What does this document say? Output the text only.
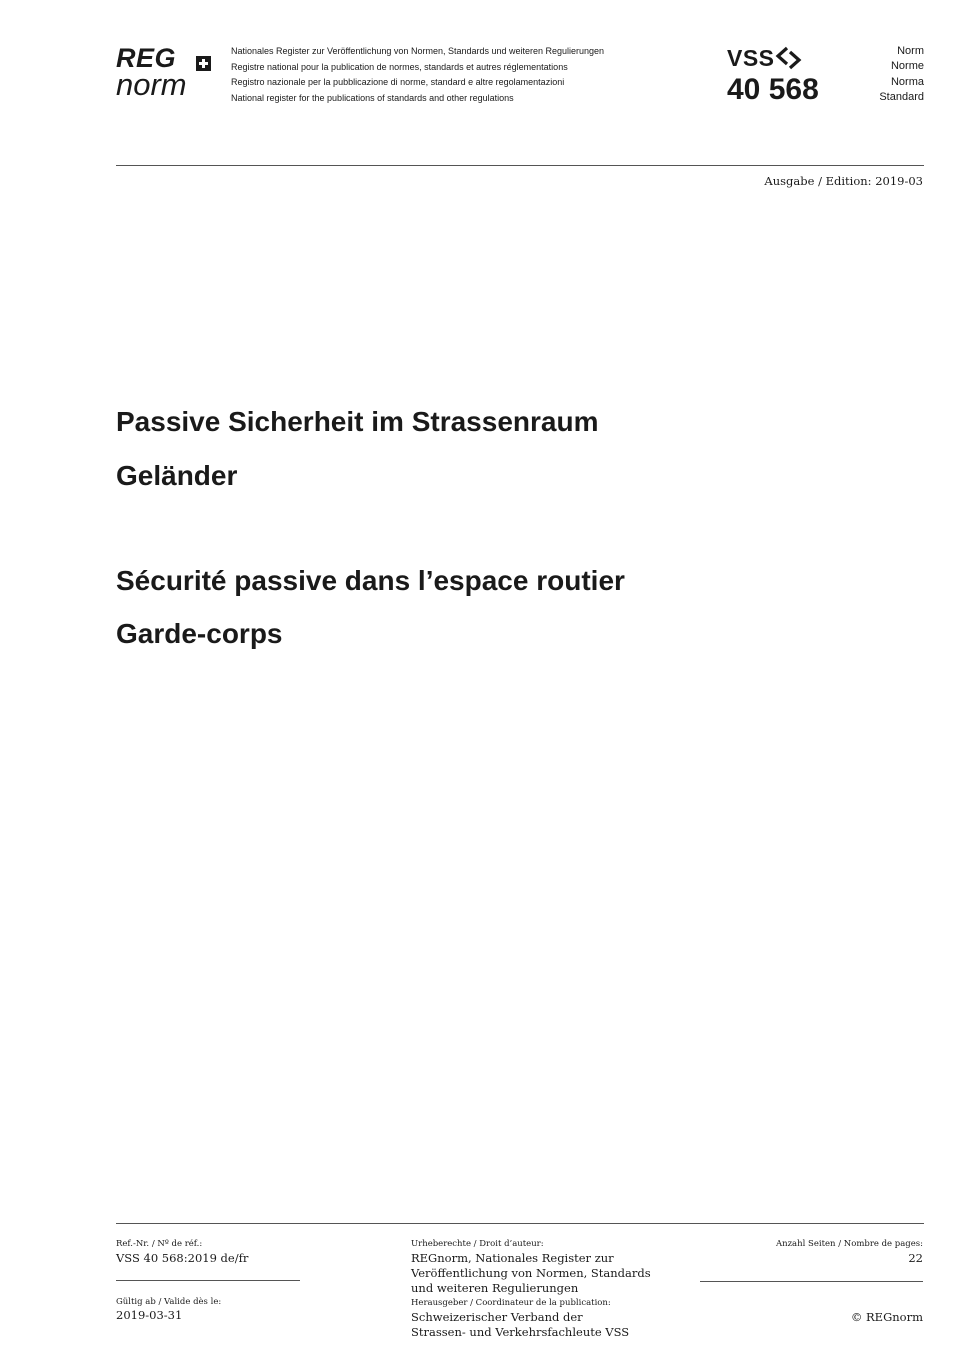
REG
norm
Nationales Register zur Veröffentlichung von Normen, Standards und weiteren Regulierungen
Registre national pour la publication de normes, standards et autres réglementations
Registro nazionale per la pubblicazione di norme, standard e altre regolamentazioni
National register for the publications of standards and other regulations
VSS
40 568
Norm
Norme
Norma
Standard
Ausgabe / Edition: 2019-03
Passive Sicherheit im Strassenraum
Geländer
Sécurité passive dans l’espace routier
Garde-corps
Ref.-Nr. / Nº de réf.:
VSS 40 568:2019 de/fr
Gültig ab / Valide dès le:
2019-03-31
Urheberechte / Droit d’auteur:
REGnorm, Nationales Register zur
Veröffentlichung von Normen, Standards
und weiteren Regulierungen
Herausgeber / Coordinateur de la publication:
Schweizerischer Verband der
Strassen- und Verkehrsfachleute VSS
Anzahl Seiten / Nombre de pages:
22
© REGnorm
